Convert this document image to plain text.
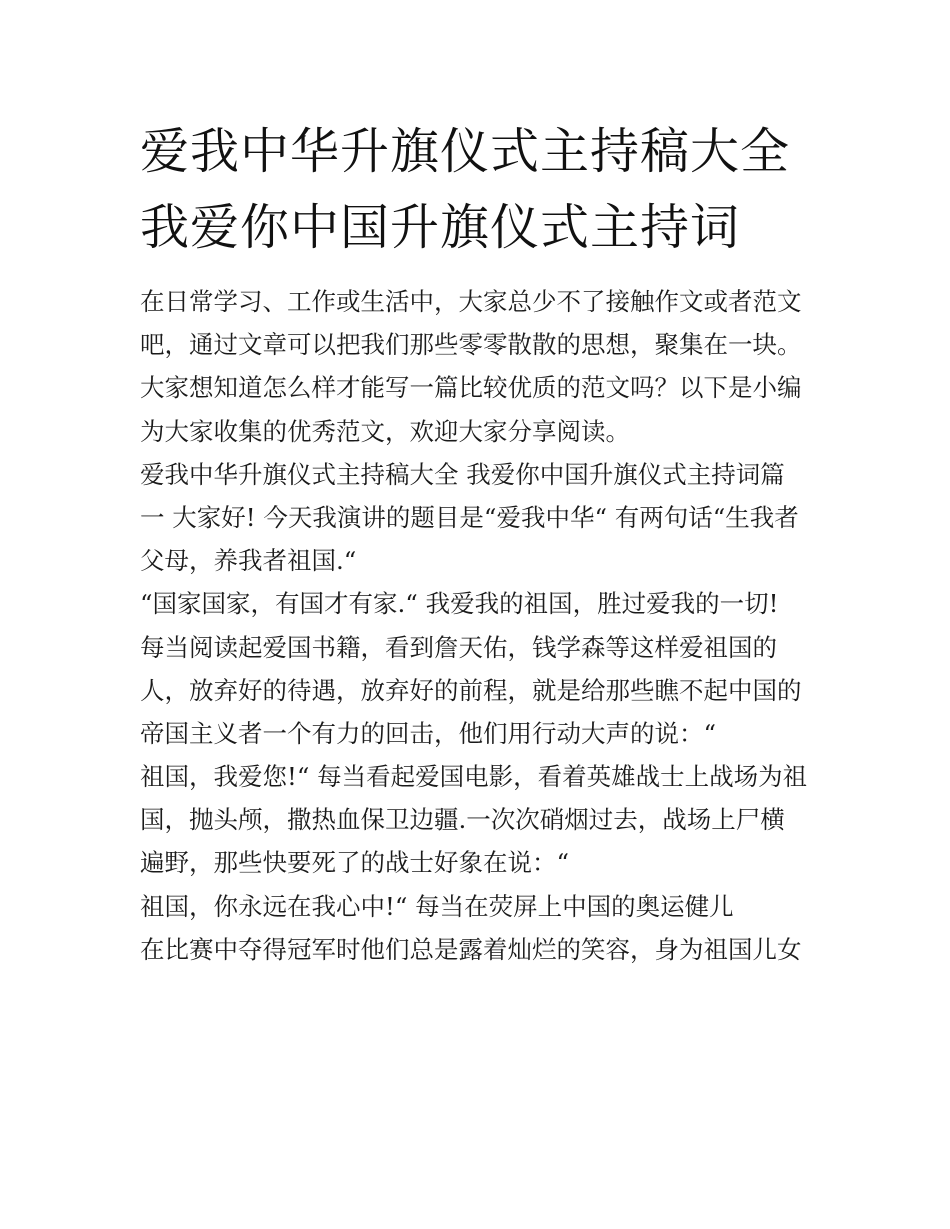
爱我中华升旗仪式主持稿大全
我爱你中国升旗仪式主持词
在日常学习、工作或生活中，大家总少不了接触作文或者范文
吧，通过文章可以把我们那些零零散散的思想，聚集在一块。
大家想知道怎么样才能写一篇比较优质的范文吗？以下是小编
为大家收集的优秀范文，欢迎大家分享阅读。
爱我中华升旗仪式主持稿大全 我爱你中国升旗仪式主持词篇
一 大家好! 今天我演讲的题目是“爱我中华“ 有两句话“生我者
父母，养我者祖国.“
“国家国家，有国才有家.“ 我爱我的祖国，胜过爱我的一切!
每当阅读起爱国书籍，看到詹天佑，钱学森等这样爱祖国的
人，放弃好的待遇，放弃好的前程，就是给那些瞧不起中国的
帝国主义者一个有力的回击，他们用行动大声的说：“
祖国，我爱您!“ 每当看起爱国电影，看着英雄战士上战场为祖
国，抛头颅，撒热血保卫边疆.一次次硝烟过去，战场上尸横
遍野，那些快要死了的战士好象在说：“
祖国，你永远在我心中!“ 每当在荧屏上中国的奥运健儿
在比赛中夺得冠军时他们总是露着灿烂的笑容，身为祖国儿女
